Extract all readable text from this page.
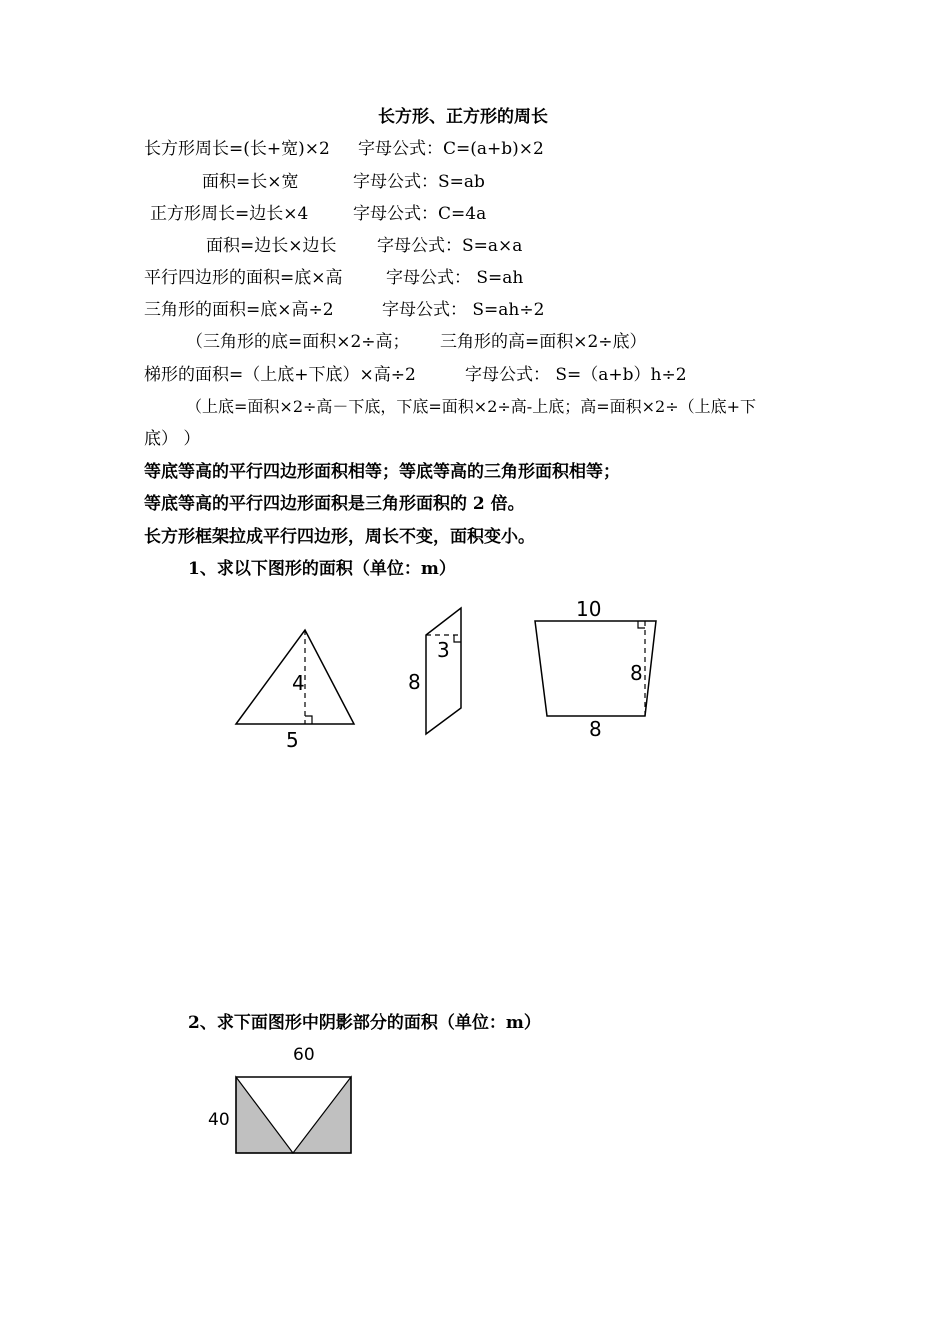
长方形、正方形的周长
长方形周长=(长+宽)×2 字母公式：C=(a+b)×2
面积=长×宽	字母公式：S=ab
正方形周长=边长×4	字母公式：C=4a
面积=边长×边长 字母公式：S=a×a
平行四边形的面积=底×高	字母公式： S=ah
三角形的面积=底×高÷2	字母公式： S=ah÷2
（三角形的底=面积×2÷高； 三角形的高=面积×2÷底）
梯形的面积=（上底+下底）×高÷2	字母公式： S=（a+b）h÷2
（上底=面积×2÷高－下底，下底=面积×2÷高-上底；高=面积×2÷（上底+下
底） ）
等底等高的平行四边形面积相等；等底等高的三角形面积相等；
等底等高的平行四边形面积是三角形面积的 2 倍。
长方形框架拉成平行四边形，周长不变，面积变小。
1、求以下图形的面积（单位：m）
4
5
3
8
10
8
8
2、求下面图形中阴影部分的面积（单位：m）
60
40
